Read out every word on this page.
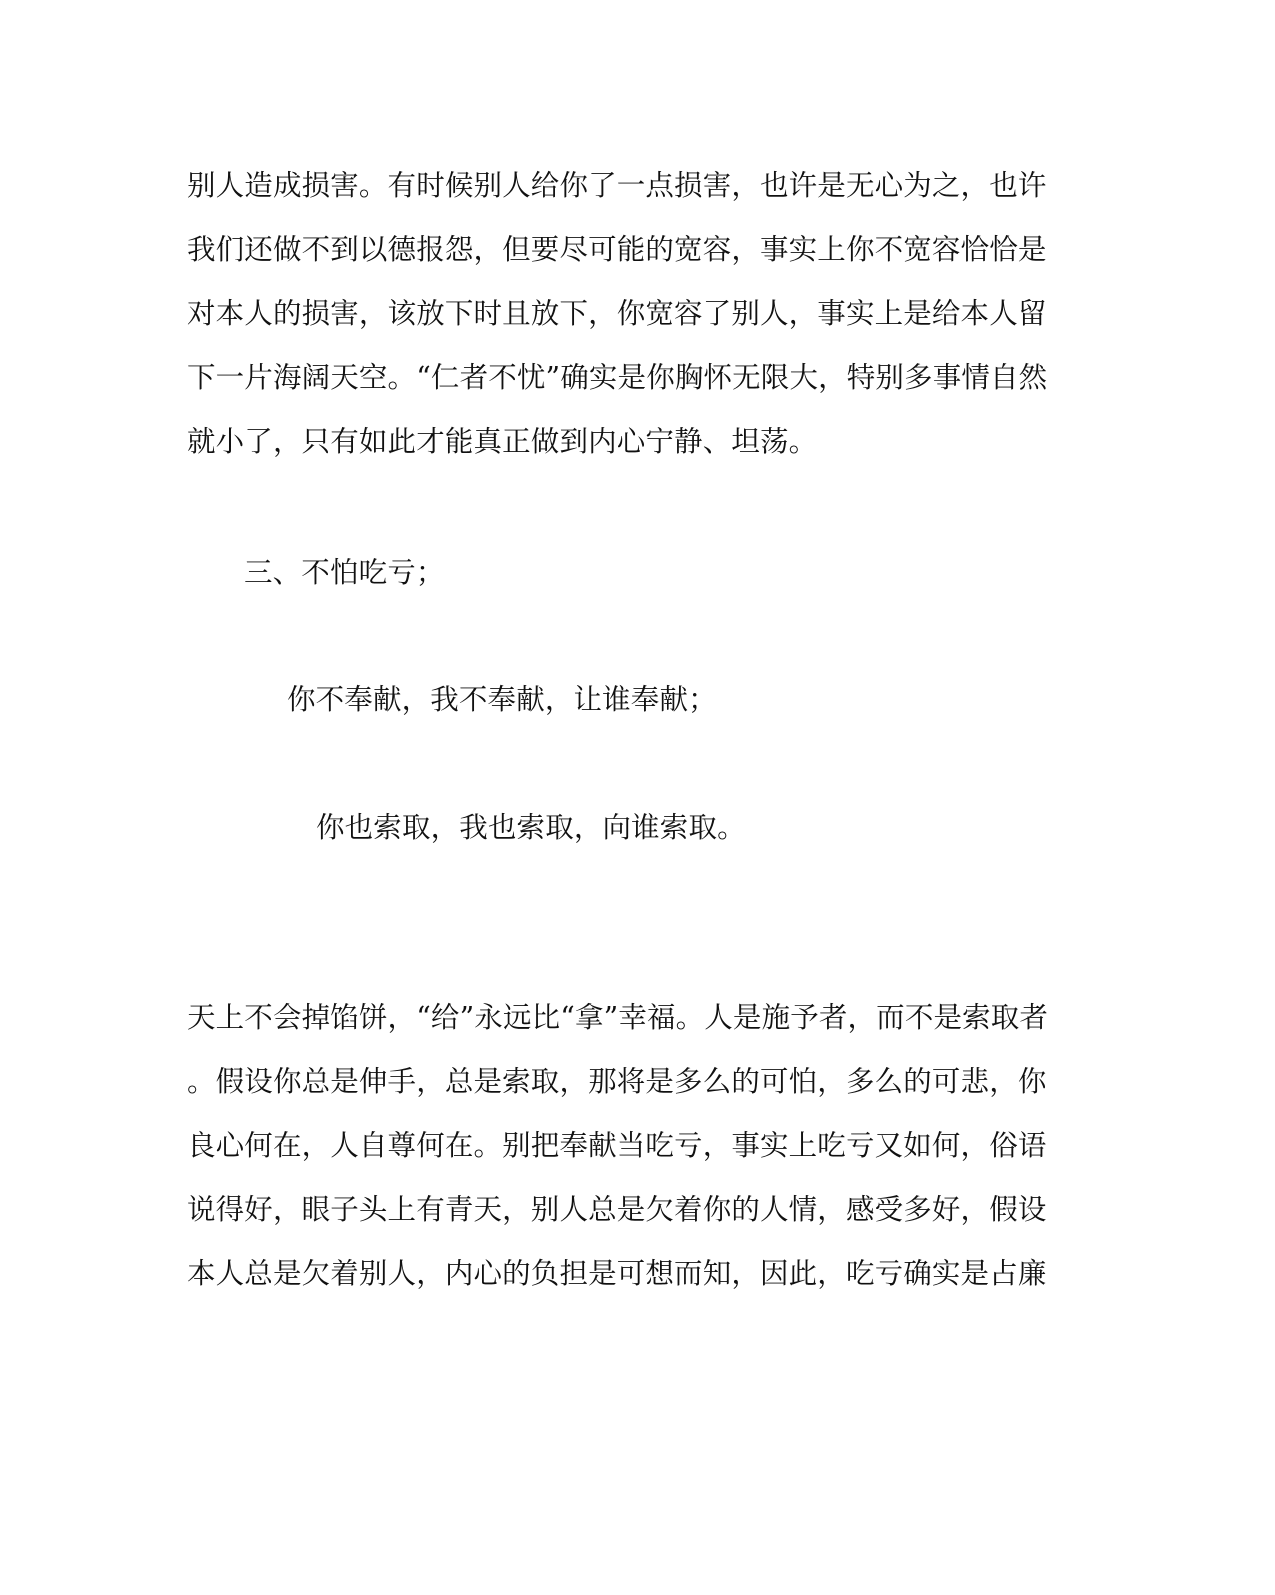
别人造成损害。有时候别人给你了一点损害，也许是无心为之，也许
我们还做不到以德报怨，但要尽可能的宽容，事实上你不宽容恰恰是
对本人的损害，该放下时且放下，你宽容了别人，事实上是给本人留
下一片海阔天空。“仁者不忧”确实是你胸怀无限大，特别多事情自然
就小了，只有如此才能真正做到内心宁静、坦荡。
三、不怕吃亏；
你不奉献，我不奉献，让谁奉献；
你也索取，我也索取，向谁索取。
天上不会掉馅饼，“给”永远比“拿”幸福。人是施予者，而不是索取者
。假设你总是伸手，总是索取，那将是多么的可怕，多么的可悲，你
良心何在，人自尊何在。别把奉献当吃亏，事实上吃亏又如何，俗语
说得好，眼子头上有青天，别人总是欠着你的人情，感受多好，假设
本人总是欠着别人，内心的负担是可想而知，因此，吃亏确实是占廉
